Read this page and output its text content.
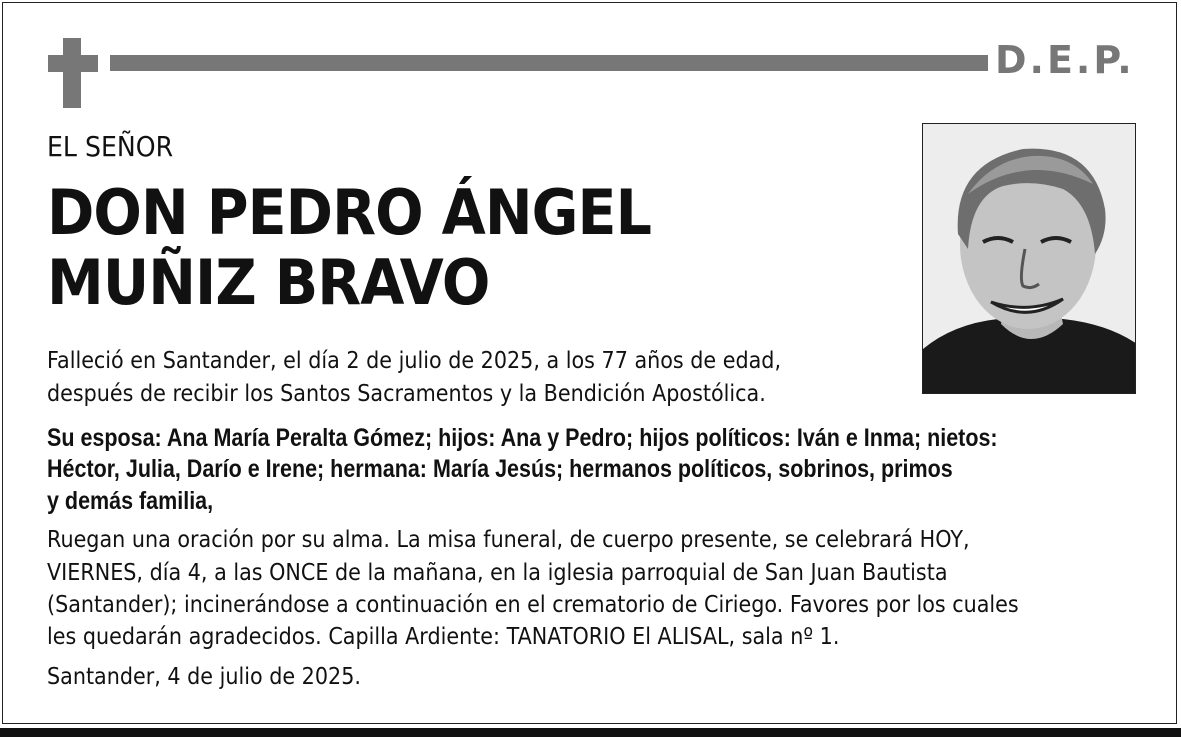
D.E.P.
EL SEÑOR
DON PEDRO ÁNGEL
MUÑIZ BRAVO
Falleció en Santander, el día 2 de julio de 2025, a los 77 años de edad,
después de recibir los Santos Sacramentos y la Bendición Apostólica.
Su esposa: Ana María Peralta Gómez; hijos: Ana y Pedro; hijos políticos: Iván e Inma; nietos:
Héctor, Julia, Darío e Irene; hermana: María Jesús; hermanos políticos, sobrinos, primos
y demás familia,
Ruegan una oración por su alma. La misa funeral, de cuerpo presente, se celebrará HOY,
VIERNES, día 4, a las ONCE de la mañana, en la iglesia parroquial de San Juan Bautista
(Santander); incinerándose a continuación en el crematorio de Ciriego. Favores por los cuales
les quedarán agradecidos. Capilla Ardiente: TANATORIO El ALISAL, sala nº 1.
Santander, 4 de julio de 2025.
